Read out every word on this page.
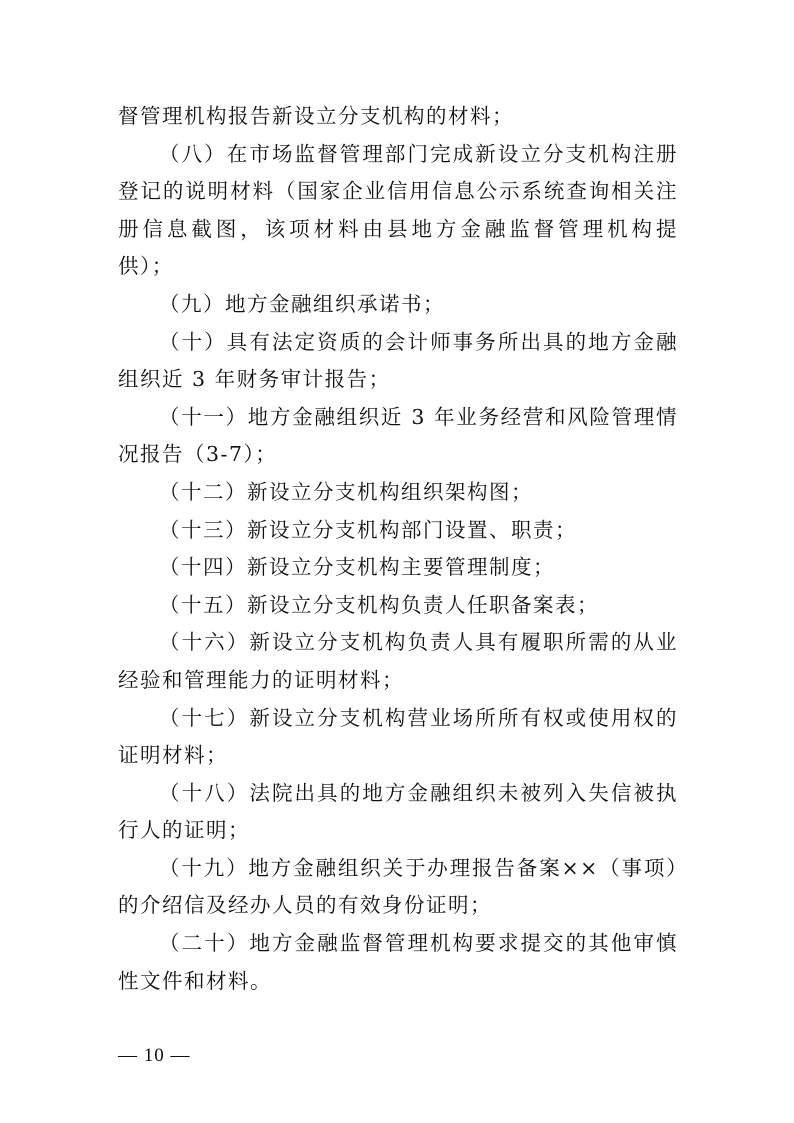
督管理机构报告新设立分支机构的材料；

（八）在市场监督管理部门完成新设立分支机构注册登记的说明材料（国家企业信用信息公示系统查询相关注册信息截图，该项材料由县地方金融监督管理机构提供）；

（九）地方金融组织承诺书；

（十）具有法定资质的会计师事务所出具的地方金融组织近 3 年财务审计报告；

（十一）地方金融组织近 3 年业务经营和风险管理情况报告（3-7）；

（十二）新设立分支机构组织架构图；

（十三）新设立分支机构部门设置、职责；

（十四）新设立分支机构主要管理制度；

（十五）新设立分支机构负责人任职备案表；

（十六）新设立分支机构负责人具有履职所需的从业经验和管理能力的证明材料；

（十七）新设立分支机构营业场所所有权或使用权的证明材料；

（十八）法院出具的地方金融组织未被列入失信被执行人的证明；

（十九）地方金融组织关于办理报告备案××（事项）的介绍信及经办人员的有效身份证明；

（二十）地方金融监督管理机构要求提交的其他审慎性文件和材料。

— 10 —
